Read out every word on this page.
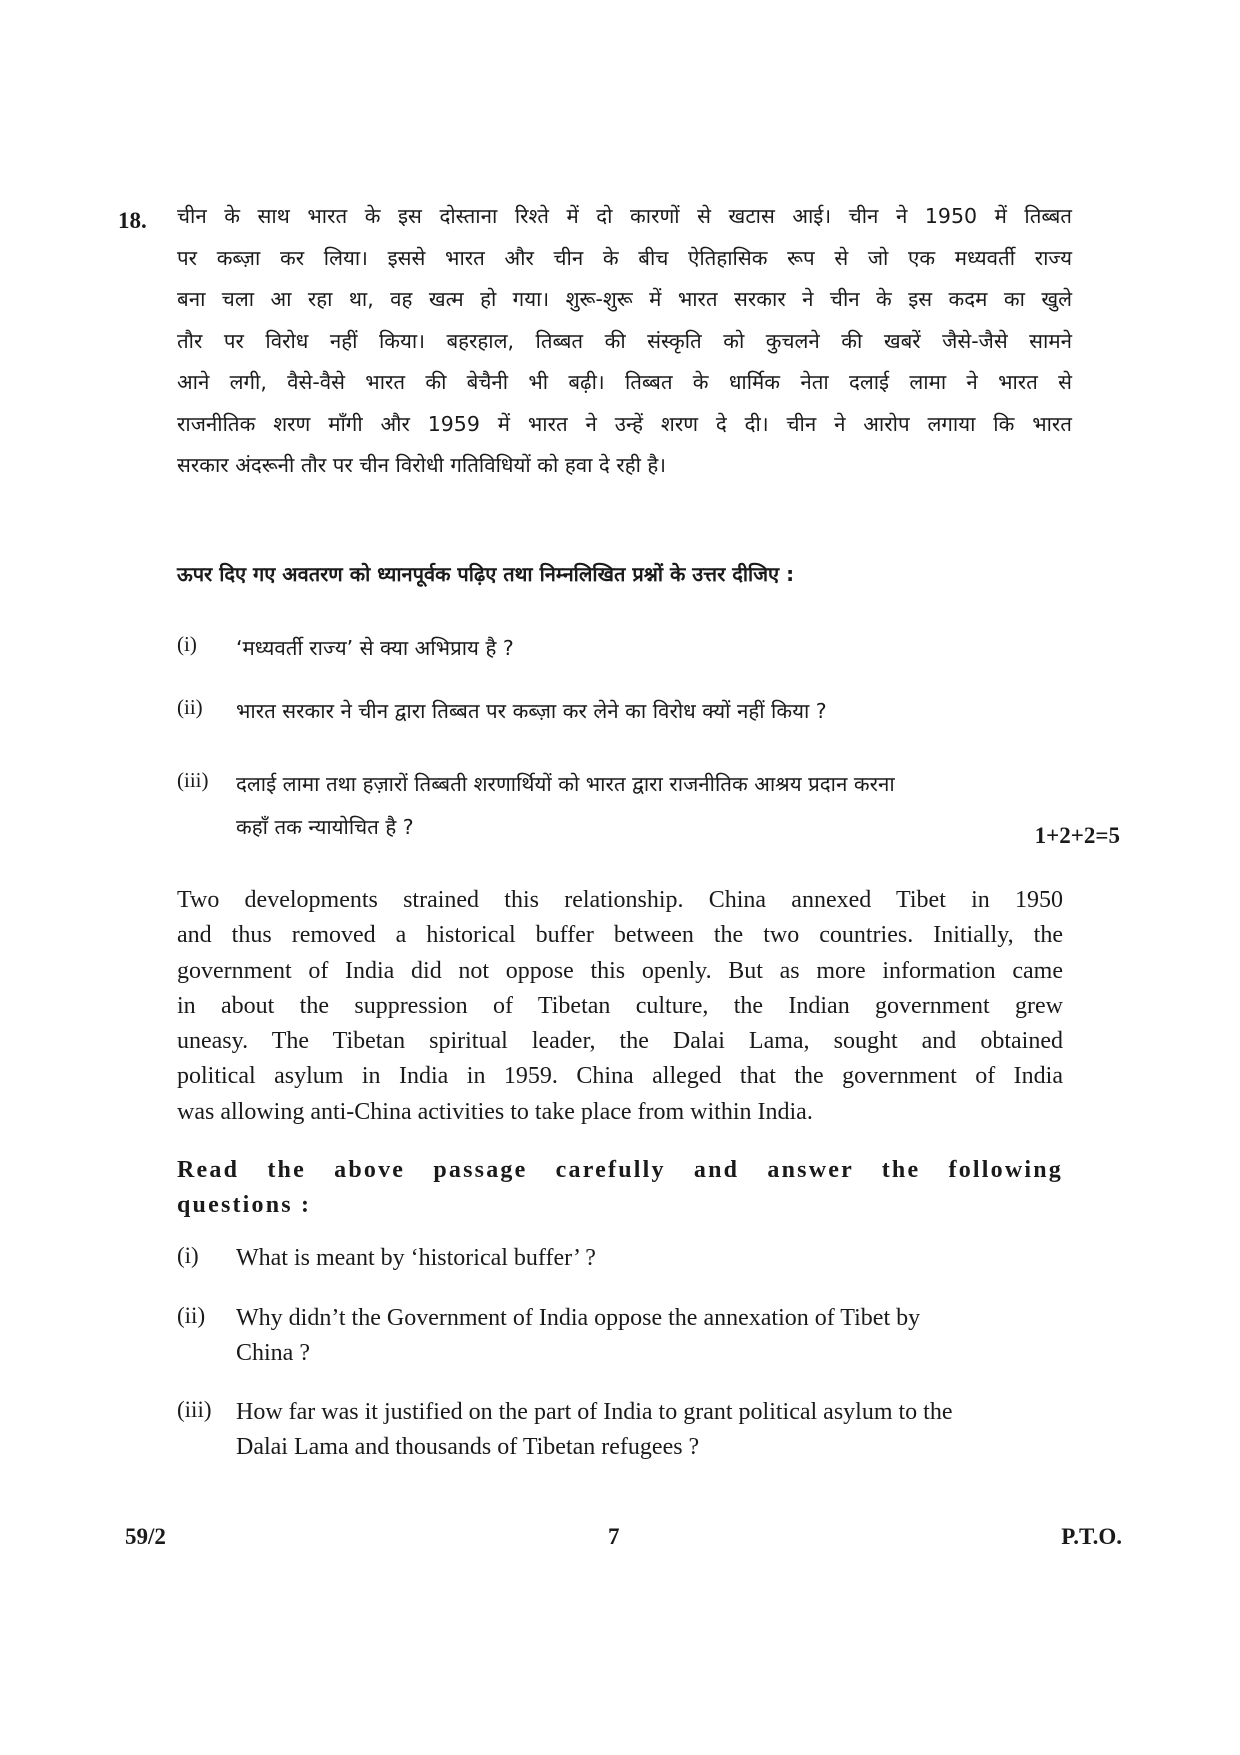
18. चीन के साथ भारत के इस दोस्ताना रिश्ते में दो कारणों से खटास आई। चीन ने 1950 में तिब्बत
पर कब्ज़ा कर लिया। इससे भारत और चीन के बीच ऐतिहासिक रूप से जो एक मध्यवर्ती राज्य
बना चला आ रहा था, वह खत्म हो गया। शुरू-शुरू में भारत सरकार ने चीन के इस कदम का खुले
तौर पर विरोध नहीं किया। बहरहाल, तिब्बत की संस्कृति को कुचलने की खबरें जैसे-जैसे सामने
आने लगी, वैसे-वैसे भारत की बेचैनी भी बढ़ी। तिब्बत के धार्मिक नेता दलाई लामा ने भारत से
राजनीतिक शरण माँगी और 1959 में भारत ने उन्हें शरण दे दी। चीन ने आरोप लगाया कि भारत
सरकार अंदरूनी तौर पर चीन विरोधी गतिविधियों को हवा दे रही है।
ऊपर दिए गए अवतरण को ध्यानपूर्वक पढ़िए तथा निम्नलिखित प्रश्नों के उत्तर दीजिए :
(i) ‘मध्यवर्ती राज्य’ से क्या अभिप्राय है ?
(ii) भारत सरकार ने चीन द्वारा तिब्बत पर कब्ज़ा कर लेने का विरोध क्यों नहीं किया ?
(iii) दलाई लामा तथा हज़ारों तिब्बती शरणार्थियों को भारत द्वारा राजनीतिक आश्रय प्रदान करना
कहाँ तक न्यायोचित है ?	1+2+2=5
Two developments strained this relationship. China annexed Tibet in 1950
and thus removed a historical buffer between the two countries. Initially, the
government of India did not oppose this openly. But as more information came
in about the suppression of Tibetan culture, the Indian government grew
uneasy. The Tibetan spiritual leader, the Dalai Lama, sought and obtained
political asylum in India in 1959. China alleged that the government of India
was allowing anti-China activities to take place from within India.
Read the above passage carefully and answer the following
questions :
(i) What is meant by ‘historical buffer’ ?
(ii) Why didn’t the Government of India oppose the annexation of Tibet by
China ?
(iii) How far was it justified on the part of India to grant political asylum to the
Dalai Lama and thousands of Tibetan refugees ?
59/2	7	P.T.O.
